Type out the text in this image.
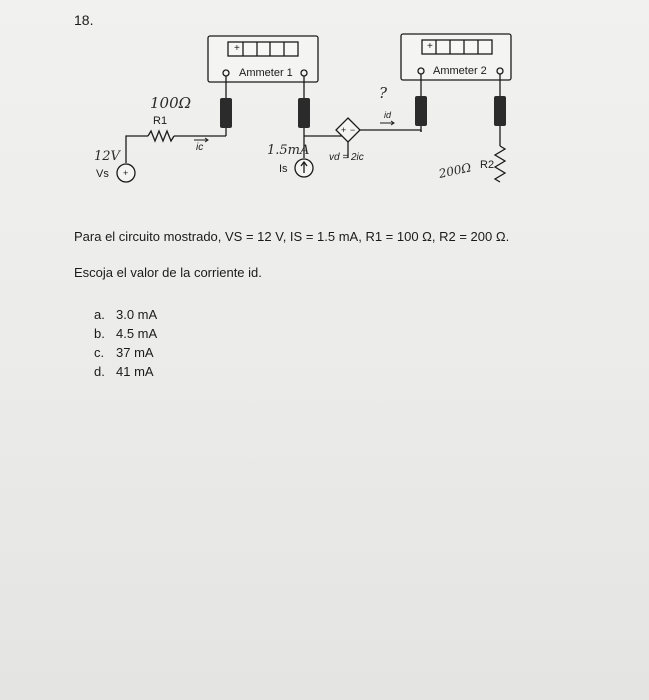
18.
Ammeter 1	Ammeter 2
+	+
R1
R2
Vs	Is
+ −
vd = 2ic
ic
id
+
100Ω
12V	1.5mA
200Ω
?
Para el circuito mostrado, VS = 12 V, IS = 1.5 mA, R1 = 100 Ω, R2 = 200 Ω.
Escoja el valor de la corriente id.
a. 3.0 mA
b. 4.5 mA
c. 37 mA
d. 41 mA
